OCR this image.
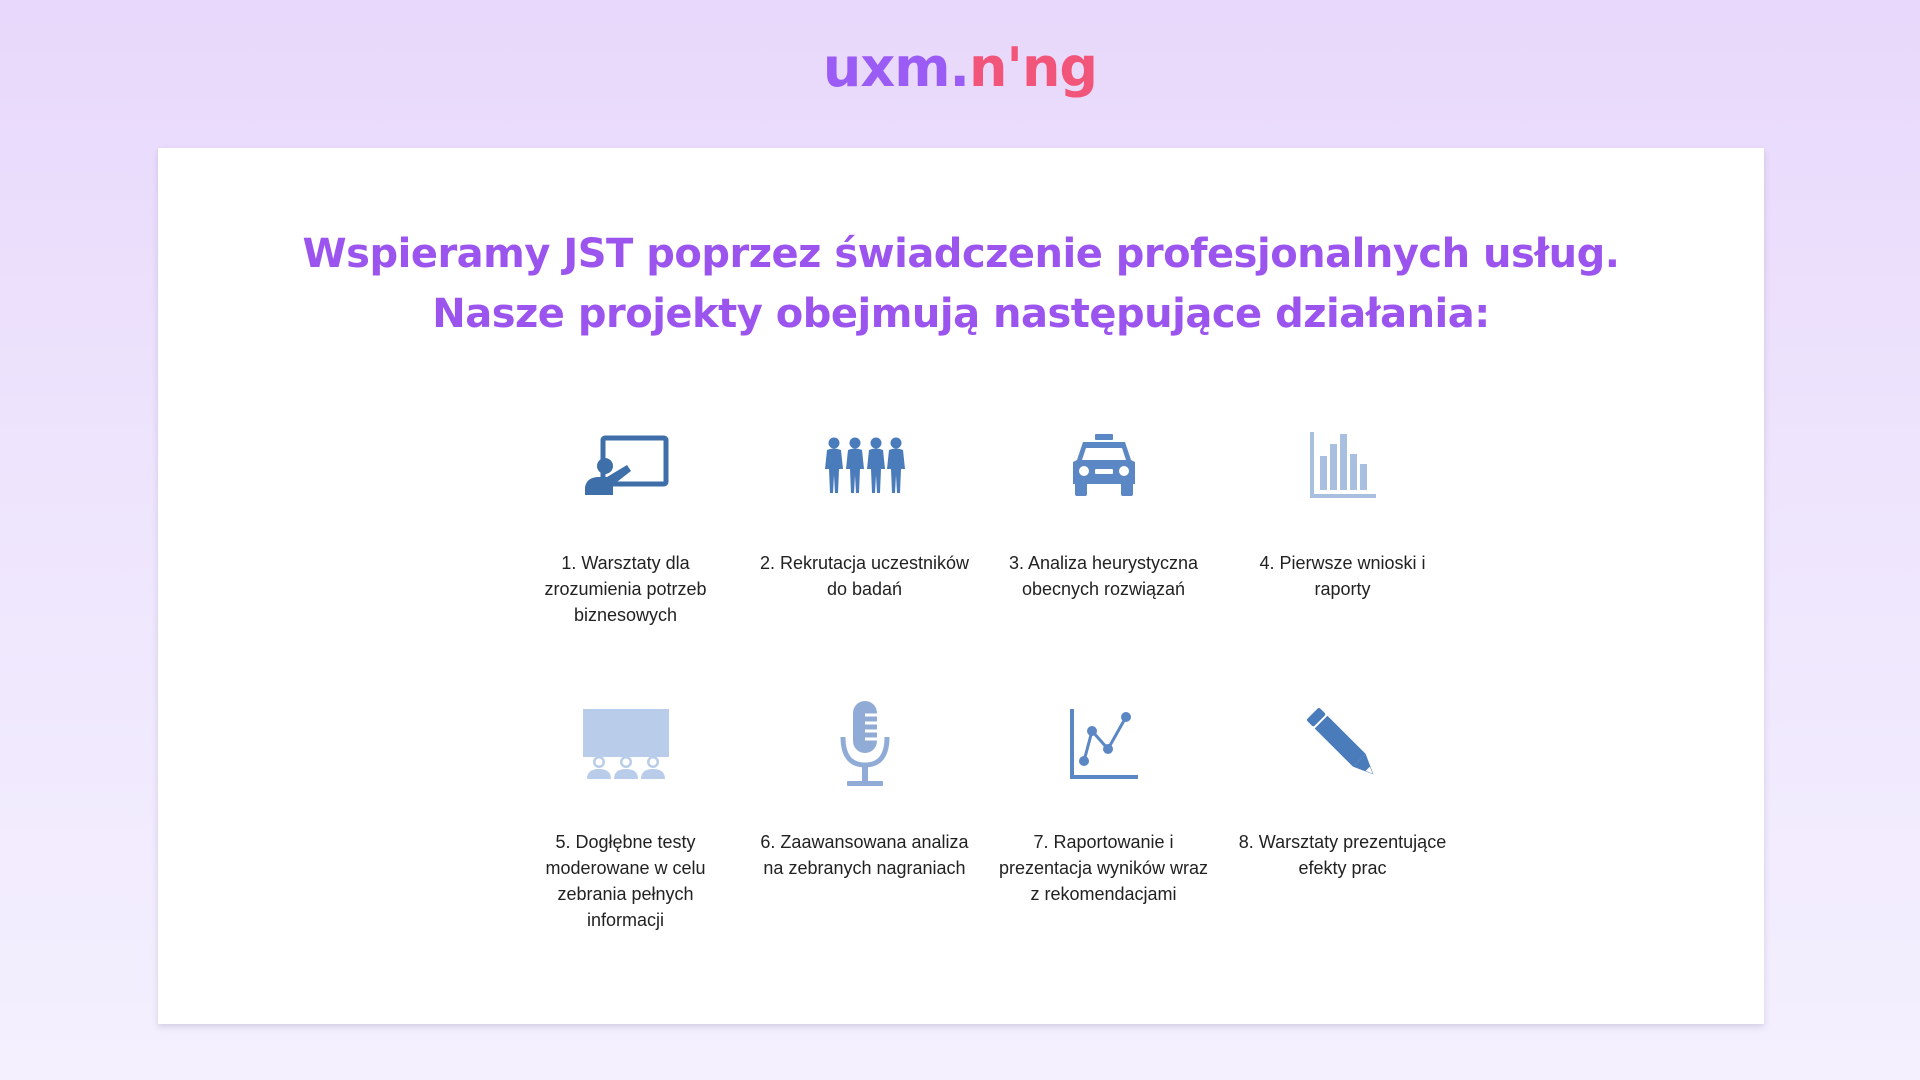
uxm.n'ng
Wspieramy JST poprzez świadczenie profesjonalnych usług.
Nasze projekty obejmują następujące działania:
1. Warsztaty dla zrozumienia potrzeb biznesowych
2. Rekrutacja uczestników do badań
3. Analiza heurystyczna obecnych rozwiązań
4. Pierwsze wnioski i raporty
5. Dogłębne testy moderowane w celu zebrania pełnych informacji
6. Zaawansowana analiza na zebranych nagraniach
7. Raportowanie i prezentacja wyników wraz z rekomendacjami
8. Warsztaty prezentujące efekty prac
